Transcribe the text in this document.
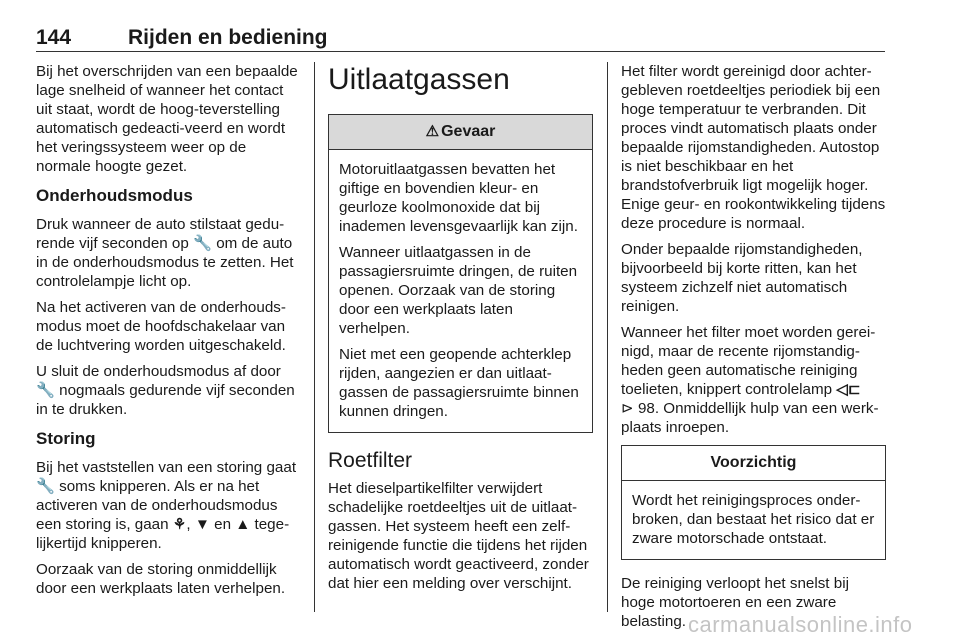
144	Rijden en bediening

Bij het overschrijden van een bepaalde lage snelheid of wanneer het contact uit staat, wordt de hoog-teverstelling automatisch gedeacti-veerd en wordt het veringssysteem weer op de normale hoogte gezet.

Onderhoudsmodus

Druk wanneer de auto stilstaat gedu-rende vijf seconden op 🔧 om de auto in de onderhoudsmodus te zetten. Het controlelampje licht op.

Na het activeren van de onderhouds-modus moet de hoofdschakelaar van de luchtvering worden uitgeschakeld.

U sluit de onderhoudsmodus af door 🔧 nogmaals gedurende vijf seconden in te drukken.

Storing

Bij het vaststellen van een storing gaat 🔧 soms knipperen. Als er na het activeren van de onderhoudsmodus een storing is, gaan ⚘, ▼ en ▲ tege-lijkertijd knipperen.

Oorzaak van de storing onmiddellijk door een werkplaats laten verhelpen.

Uitlaatgassen
⚠ Gevaar

Motoruitlaatgassen bevatten het giftige en bovendien kleur- en geurloze koolmonoxide dat bij inademen levensgevaarlijk kan zijn.

Wanneer uitlaatgassen in de passagiersruimte dringen, de ruiten openen. Oorzaak van de storing door een werkplaats laten verhelpen.

Niet met een geopende achterklep rijden, aangezien er dan uitlaat-gassen de passagiersruimte binnen kunnen dringen.

Roetfilter

Het dieselpartikelfilter verwijdert schadelijke roetdeeltjes uit de uitlaat-gassen. Het systeem heeft een zelf-reinigende functie die tijdens het rijden automatisch wordt geactiveerd, zonder dat hier een melding over verschijnt.

Het filter wordt gereinigd door achter-gebleven roetdeeltjes periodiek bij een hoge temperatuur te verbranden. Dit proces vindt automatisch plaats onder bepaalde rijomstandigheden. Autostop is niet beschikbaar en het brandstofverbruik ligt mogelijk hoger. Enige geur- en rookontwikkeling tijdens deze procedure is normaal.

Onder bepaalde rijomstandigheden, bijvoorbeeld bij korte ritten, kan het systeem zichzelf niet automatisch reinigen.

Wanneer het filter moet worden gerei-nigd, maar de recente rijomstandig-heden geen automatische reiniging toelieten, knippert controlelamp ◁⊏
⊳ 98. Onmiddellijk hulp van een werk-plaats inroepen.

Voorzichtig

Wordt het reinigingsproces onder-broken, dan bestaat het risico dat er zware motorschade ontstaat.

De reiniging verloopt het snelst bij hoge motortoeren en een zware belasting. carmanualsonline.info
